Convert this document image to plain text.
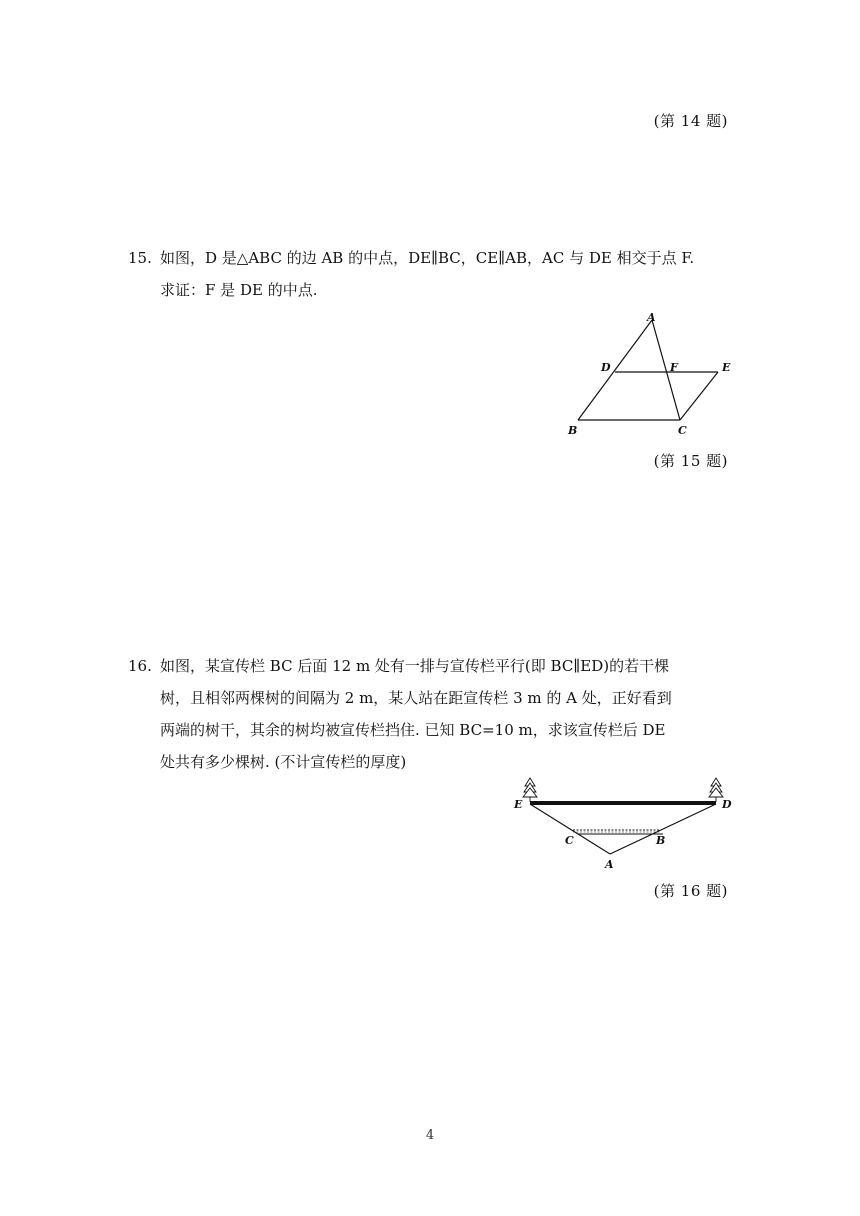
(第 14 题)
15. 如图，D 是△ABC 的边 AB 的中点，DE∥BC，CE∥AB，AC 与 DE 相交于点 F.
求证：F 是 DE 的中点.
A
D	F	E
B	C
(第 15 题)
16. 如图，某宣传栏 BC 后面 12 m 处有一排与宣传栏平行(即 BC∥ED)的若干棵
树，且相邻两棵树的间隔为 2 m，某人站在距宣传栏 3 m 的 A 处，正好看到
两端的树干，其余的树均被宣传栏挡住. 已知 BC=10 m，求该宣传栏后 DE
处共有多少棵树. (不计宣传栏的厚度)
E	D
C	B
A
(第 16 题)
4
